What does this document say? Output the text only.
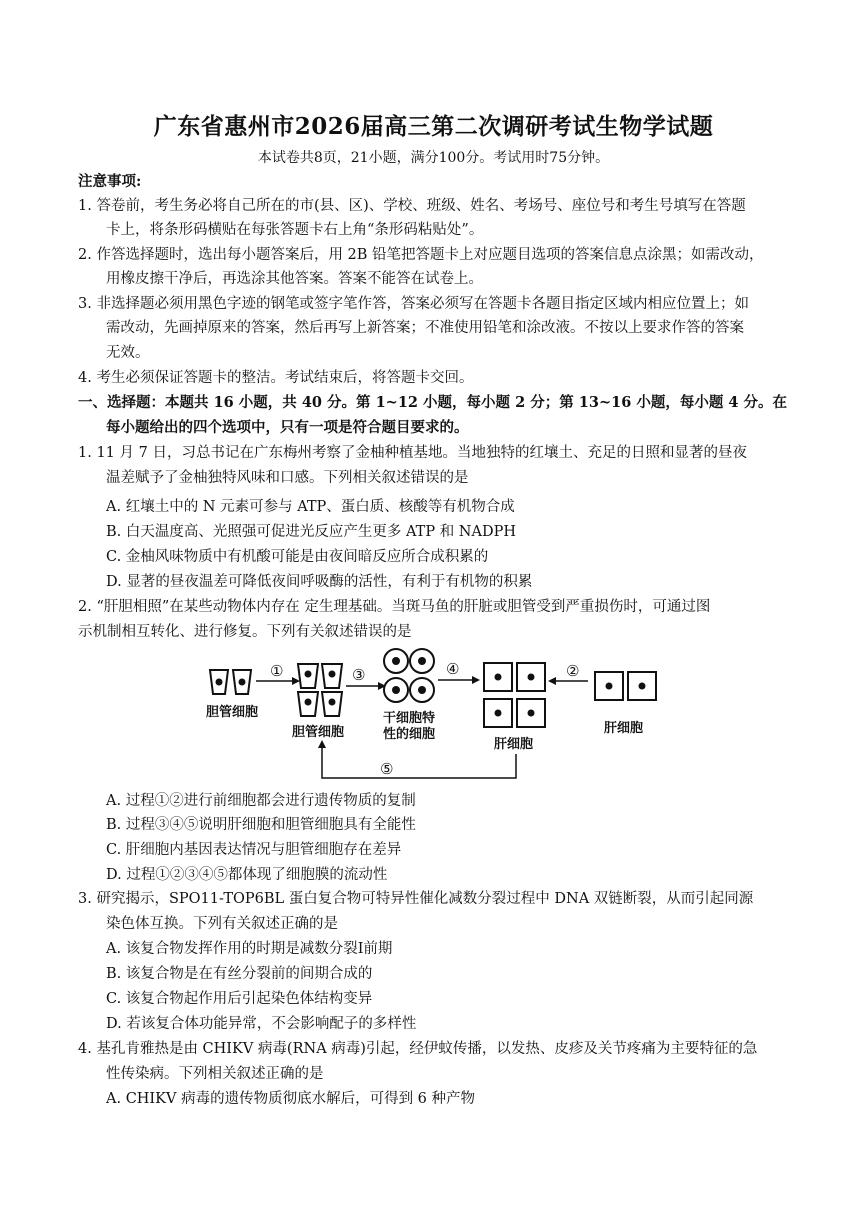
广东省惠州市2026届高三第二次调研考试生物学试题
本试卷共8页，21小题，满分100分。考试用时75分钟。
注意事项:
1. 答卷前，考生务必将自己所在的市(县、区)、学校、班级、姓名、考场号、座位号和考生号填写在答题
卡上，将条形码横贴在每张答题卡右上角“条形码粘贴处”。
2. 作答选择题时，选出每小题答案后，用 2B 铅笔把答题卡上对应题目选项的答案信息点涂黑；如需改动，
用橡皮擦干净后，再选涂其他答案。答案不能答在试卷上。
3. 非选择题必须用黑色字迹的钢笔或签字笔作答，答案必须写在答题卡各题目指定区域内相应位置上；如
需改动，先画掉原来的答案，然后再写上新答案；不准使用铅笔和涂改液。不按以上要求作答的答案
无效。
4. 考生必须保证答题卡的整洁。考试结束后，将答题卡交回。
一、选择题：本题共 16 小题，共 40 分。第 1~12 小题，每小题 2 分；第 13~16 小题，每小题 4 分。在
每小题给出的四个选项中，只有一项是符合题目要求的。
1. 11 月 7 日，习总书记在广东梅州考察了金柚种植基地。当地独特的红壤土、充足的日照和显著的昼夜
温差赋予了金柚独特风味和口感。下列相关叙述错误的是
A. 红壤土中的 N 元素可参与 ATP、蛋白质、核酸等有机物合成
B. 白天温度高、光照强可促进光反应产生更多 ATP 和 NADPH
C. 金柚风味物质中有机酸可能是由夜间暗反应所合成积累的
D. 显著的昼夜温差可降低夜间呼吸酶的活性，有利于有机物的积累
2. “肝胆相照”在某些动物体内存在 定生理基础。当斑马鱼的肝脏或胆管受到严重损伤时，可通过图
示机制相互转化、进行修复。下列有关叙述错误的是
①	③	④	②
胆管细胞
胆管细胞
干细胞特
性的细胞
肝细胞
肝细胞
⑤
A. 过程①②进行前细胞都会进行遗传物质的复制
B. 过程③④⑤说明肝细胞和胆管细胞具有全能性
C. 肝细胞内基因表达情况与胆管细胞存在差异
D. 过程①②③④⑤都体现了细胞膜的流动性
3. 研究揭示，SPO11-TOP6BL 蛋白复合物可特异性催化减数分裂过程中 DNA 双链断裂，从而引起同源
染色体互换。下列有关叙述正确的是
A. 该复合物发挥作用的时期是减数分裂Ⅰ前期
B. 该复合物是在有丝分裂前的间期合成的
C. 该复合物起作用后引起染色体结构变异
D. 若该复合体功能异常，不会影响配子的多样性
4. 基孔肯雅热是由 CHIKV 病毒(RNA 病毒)引起，经伊蚊传播，以发热、皮疹及关节疼痛为主要特征的急
性传染病。下列相关叙述正确的是
A. CHIKV 病毒的遗传物质彻底水解后，可得到 6 种产物
